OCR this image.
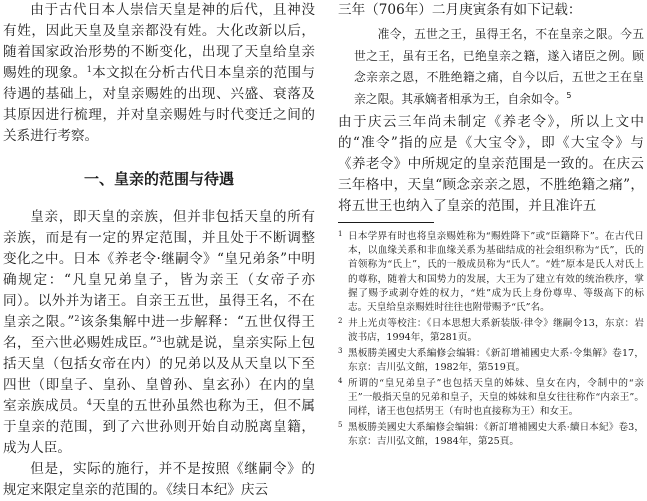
由于古代日本人崇信天皇是神的后代，且神没有姓，因此天皇及皇亲都没有姓。大化改新以后，随着国家政治形势的不断变化，出现了天皇给皇亲赐姓的现象。$^1$本文拟在分析古代日本皇亲的范围与待遇的基础上，对皇亲赐姓的出现、兴盛、衰落及其原因进行梳理，并对皇亲赐姓与时代变迁之间的关系进行考察。

一、皇亲的范围与待遇

皇亲，即天皇的亲族，但并非包括天皇的所有亲族，而是有一定的界定范围，并且处于不断调整变化之中。日本《养老令·继嗣令》“皇兄弟条”中明确规定：“凡皇兄弟皇子，皆为亲王（女帝子亦同）。以外并为诸王。自亲王五世，虽得王名，不在皇亲之限。”$^2$该条集解中进一步解释：“五世仅得王名，至六世必赐姓成臣。”$^3$也就是说，皇亲实际上包括天皇（包括女帝在内）的兄弟以及从天皇以下至四世（即皇子、皇孙、皇曾孙、皇玄孙）在内的皇室亲族成员。$^4$天皇的五世孙虽然也称为王，但不属于皇亲的范围，到了六世孙则开始自动脱离皇籍，成为人臣。

但是，实际的施行，并不是按照《继嗣令》的规定来限定皇亲的范围的。《续日本纪》庆云

三年（706年）二月庚寅条有如下记载：

准令，五世之王，虽得王名，不在皇亲之限。今五世之王，虽有王名，已绝皇亲之籍，遂入诸臣之例。顾念亲亲之恩，不胜绝籍之痛，自今以后，五世之王在皇亲之限。其承嫡者相承为王，自余如令。$^5$

由于庆云三年尚未制定《养老令》，所以上文中的“准令”指的应是《大宝令》，即《大宝令》与《养老令》中所规定的皇亲范围是一致的。在庆云三年格中，天皇“顾念亲亲之恩，不胜绝籍之痛”，将五世王也纳入了皇亲的范围，并且准许五

1 日本学界有时也将皇亲赐姓称为“赐姓降下”或“臣籍降下”。在古代日本，以血缘关系和非血缘关系为基础结成的社会组织称为“氏”，氏的首领称为“氏上”，氏的一般成员称为“氏人”。“姓”原本是氏人对氏上的尊称，随着大和国势力的发展，大王为了建立有效的统治秩序，掌握了赐予或剥夺姓的权力，“姓”成为氏上身份尊卑、等级高下的标志。天皇给皇亲赐姓时往往也附带赐予“氏”名。

2 井上光贞等校注：《日本思想大系新装版·律令》继嗣令13，东京：岩波书店，1994年，第281页。

3 黑板勝美國史大系編修会编辑：《新訂增補國史大系·令集解》卷17，东京：吉川弘文館，1982年，第519頁。

4 所谓的“皇兄弟皇子”也包括天皇的姊妹、皇女在内，令制中的“亲王”一般指天皇的兄弟和皇子，天皇的姊妹和皇女往往称作“内亲王”。同样，诸王也包括男王（有时也直接称为王）和女王。

5 黑板勝美國史大系編修会编辑：《新訂增補國史大系·續日本紀》卷3，东京：吉川弘文館，1984年，第25頁。
